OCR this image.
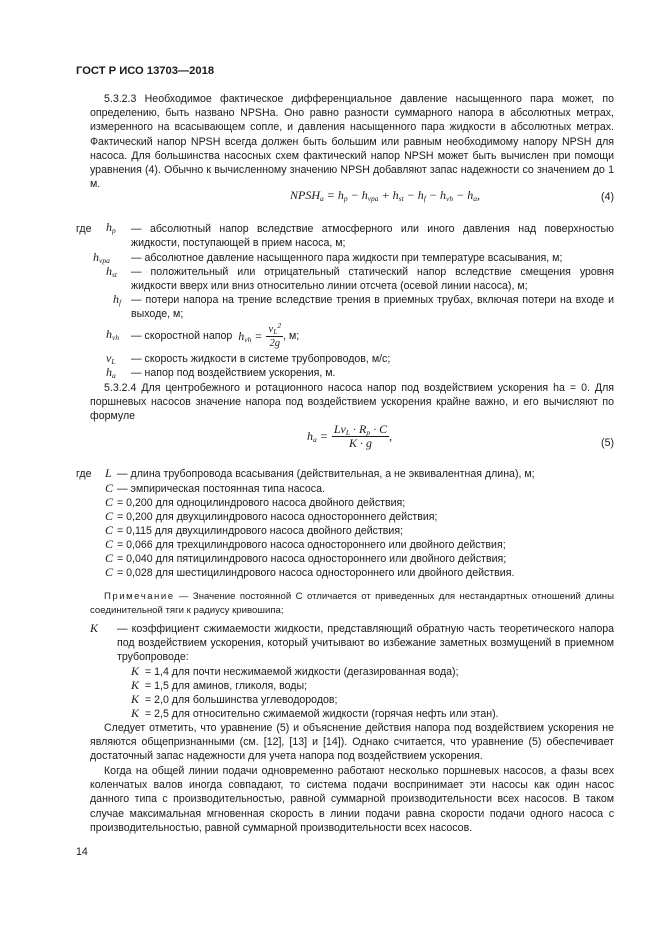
ГОСТ Р ИСО 13703—2018
5.3.2.3 Необходимое фактическое дифференциальное давление насыщенного пара может, по определению, быть названо NPSHa. Оно равно разности суммарного напора в абсолютных метрах, измеренного на всасывающем сопле, и давления насыщенного пара жидкости в абсолютных метрах. Фактический напор NPSH всегда должен быть большим или равным необходимому напору NPSH для насоса. Для большинства насосных схем фактический напор NPSH может быть вычислен при помощи уравнения (4). Обычно к вычисленному значению NPSH добавляют запас надежности со значением до 1 м.
$NPSH_a = h_p - h_{vpa} + h_{st} - h_f - h_{vh} - h_a$,	(4)
где $h_p$ — абсолютный напор вследствие атмосферного или иного давления над поверхностью жидкости, поступающей в прием насоса, м;
$h_{vpa}$ — абсолютное давление насыщенного пара жидкости при температуре всасывания, м;
$h_{st}$ — положительный или отрицательный статический напор вследствие смещения уровня жидкости вверх или вниз относительно линии отсчета (осевой линии насоса), м;
$h_f$ — потери напора на трение вследствие трения в приемных трубах, включая потери на входе и выходе, м;
$h_{vh}$ — скоростной напор $h_{vh} = \frac{v_L^2}{2g}$ , м;
$v_L$ — скорость жидкости в системе трубопроводов, м/с;
$h_a$ — напор под воздействием ускорения, м.
5.3.2.4 Для центробежного и ротационного насоса напор под воздействием ускорения ha = 0. Для поршневых насосов значение напора под воздействием ускорения крайне важно, и его вычисляют по формуле
$h_a = \frac{Lv_L \cdot R_p \cdot C}{K \cdot g}$ ,	(5)
где L — длина трубопровода всасывания (действительная, а не эквивалентная длина), м;
C — эмпирическая постоянная типа насоса.
C = 0,200 для одноцилиндрового насоса двойного действия;
C = 0,200 для двухцилиндрового насоса одностороннего действия;
C = 0,115 для двухцилиндрового насоса двойного действия;
C = 0,066 для трехцилиндрового насоса одностороннего или двойного действия;
C = 0,040 для пятицилиндрового насоса одностороннего или двойного действия;
C = 0,028 для шестицилиндрового насоса одностороннего или двойного действия.
Примечание — Значение постоянной C отличается от приведенных для нестандартных отношений длины соединительной тяги к радиусу кривошипа;
K — коэффициент сжимаемости жидкости, представляющий обратную часть теоретического напора под воздействием ускорения, который учитывают во избежание заметных возмущений в приемном трубопроводе:
K = 1,4 для почти несжимаемой жидкости (дегазированная вода);
K = 1,5 для аминов, гликоля, воды;
K = 2,0 для большинства углеводородов;
K = 2,5 для относительно сжимаемой жидкости (горячая нефть или этан).
Следует отметить, что уравнение (5) и объяснение действия напора под воздействием ускорения не являются общепризнанными (см. [12], [13] и [14]). Однако считается, что уравнение (5) обеспечивает достаточный запас надежности для учета напора под воздействием ускорения.
Когда на общей линии подачи одновременно работают несколько поршневых насосов, а фазы всех коленчатых валов иногда совпадают, то система подачи воспринимает эти насосы как один насос данного типа с производительностью, равной суммарной производительности всех насосов. В таком случае максимальная мгновенная скорость в линии подачи равна скорости подачи одного насоса с производительностью, равной суммарной производительности всех насосов.
14
